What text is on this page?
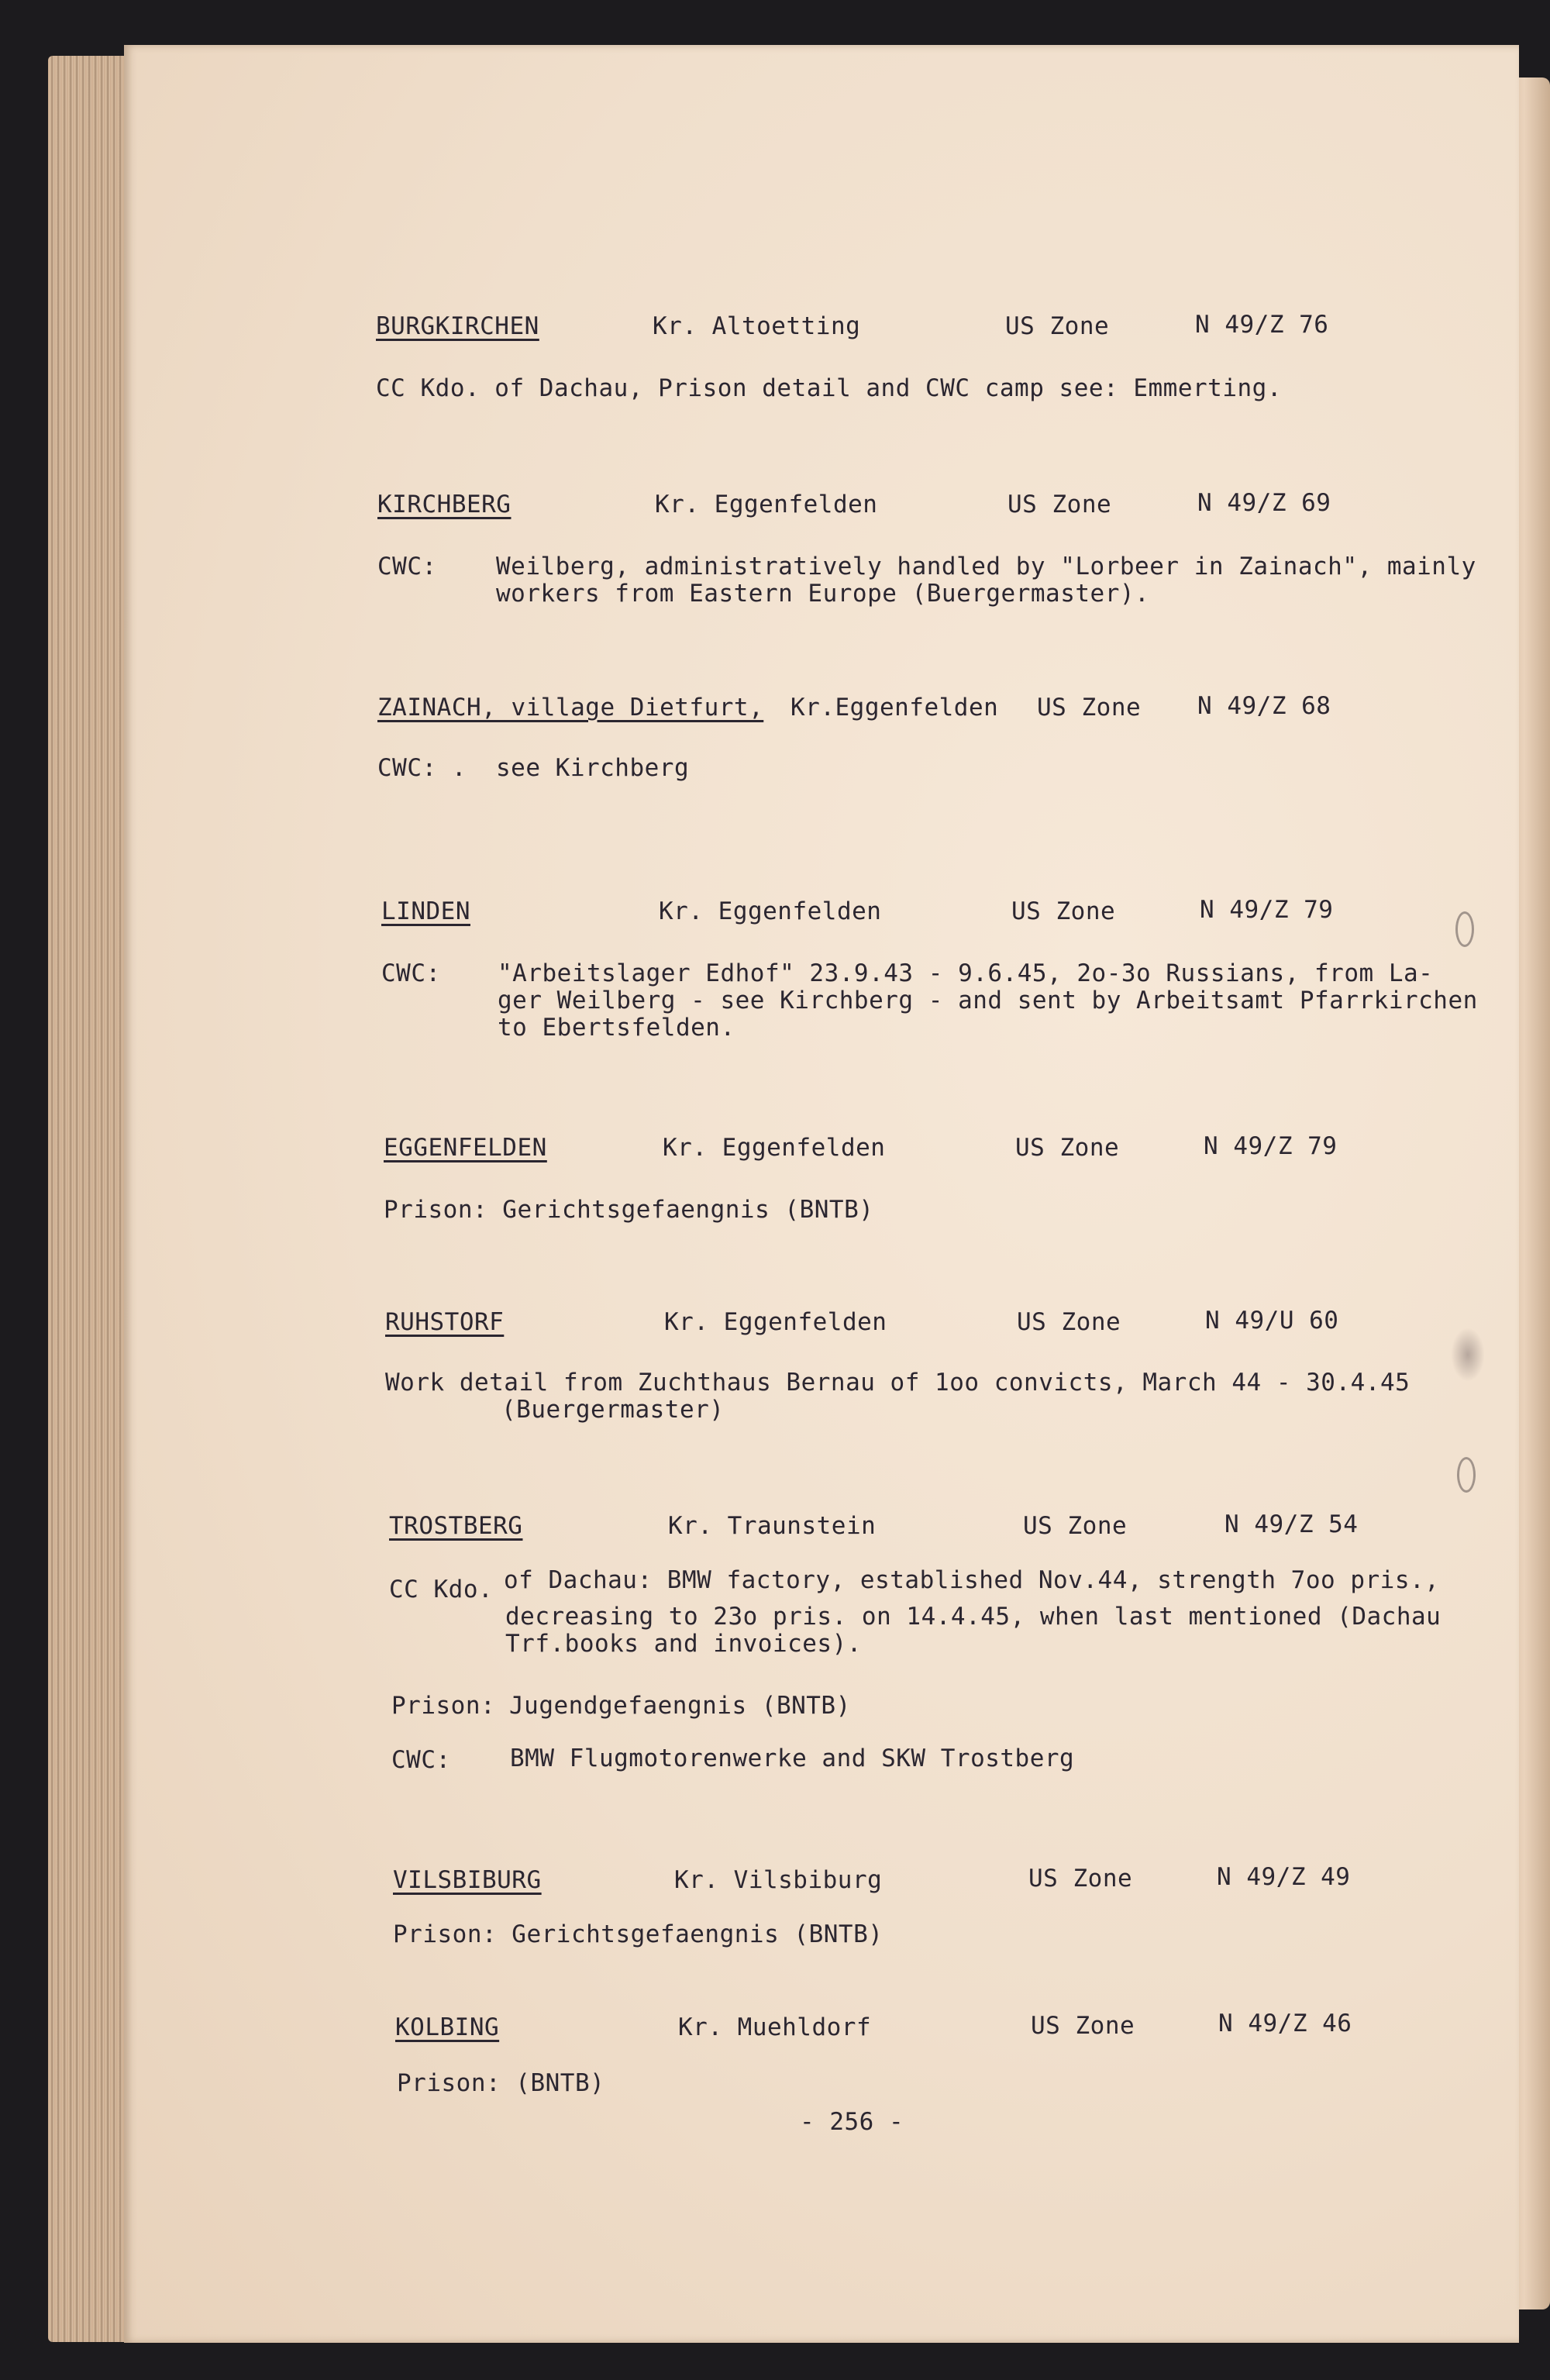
BURGKIRCHEN	Kr. Altoetting	US Zone	N 49/Z 76
CC Kdo. of Dachau, Prison detail and CWC camp see: Emmerting.
KIRCHBERG	Kr. Eggenfelden	US Zone	N 49/Z 69
CWC: Weilberg, administratively handled by "Lorbeer in Zainach", mainly
workers from Eastern Europe (Buergermaster).
ZAINACH, village Dietfurt, Kr.Eggenfelden US Zone N 49/Z 68
CWC: . see Kirchberg
LINDEN	Kr. Eggenfelden	US Zone	N 49/Z 79
CWC: "Arbeitslager Edhof" 23.9.43 - 9.6.45, 2o-3o Russians, from La-
ger Weilberg - see Kirchberg - and sent by Arbeitsamt Pfarrkirchen
to Ebertsfelden.
EGGENFELDEN	Kr. Eggenfelden	US Zone	N 49/Z 79
Prison: Gerichtsgefaengnis (BNTB)
RUHSTORF	Kr. Eggenfelden	US Zone	N 49/U 60
Work detail from Zuchthaus Bernau of 1oo convicts, March 44 - 30.4.45
(Buergermaster)
TROSTBERG	Kr. Traunstein	US Zone	N 49/Z 54
CC Kdo. of Dachau: BMW factory, established Nov.44, strength 7oo pris.,
decreasing to 23o pris. on 14.4.45, when last mentioned (Dachau
Trf.books and invoices).
Prison: Jugendgefaengnis (BNTB)
CWC: BMW Flugmotorenwerke and SKW Trostberg
VILSBIBURG	Kr. Vilsbiburg	US Zone	N 49/Z 49
Prison: Gerichtsgefaengnis (BNTB)
KOLBING	Kr. Muehldorf	US Zone	N 49/Z 46
Prison: (BNTB)
- 256 -
